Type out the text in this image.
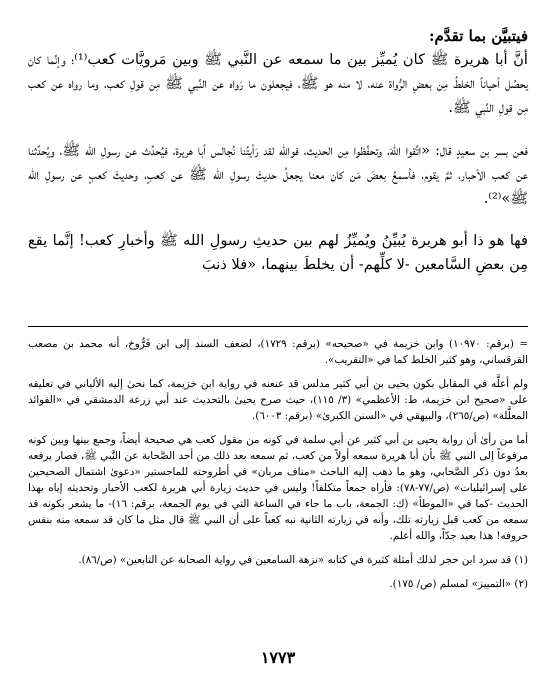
فيتبيَّن بما تقدَّم:

أنَّ أبا هريرة ﷺ كان يُميِّز بين ما سمعه عن النَّبي ﷺ وبين مَرويَّات كعب⁽¹⁾؛ وإنَّما كان يحصُل أحياناً الخلطُ مِن بعضِ الرُّواة عنه، لا منه هو ﷺ، فيجعلون ما رَواه عن النَّبي ﷺ مِن قولِ كعب، وما رواه عن كعب مِن قولِ النَّبي ﷺ.

فعن بسر بن سعيدٍ قال: «اتَّقوا اللهَ، وتحفَّظوا مِن الحديث، فوالله لقد رَأيتُنا نُجالس أبا هريرة، فيُحدِّث عن رسولِ الله ﷺ، ويُحدِّثنا عن كعب الأحبار، ثمَّ يقوم، فأسمعُ بعضَ مَن كان معنا يجعلُ حديثَ رسولِ الله ﷺ عن كعبٍ، وحديثَ كعبٍ عن رسولِ الله ﷺ»⁽²⁾.

فها هو ذا أبو هريرة يُبيِّنُ ويُميِّزُ لهم بين حديثِ رسولِ الله ﷺ وأخبارِ كعب! إنَّما يقع مِن بعضِ السَّامعين -لا كلِّهم- أن يخلطَ بينهما، «فلا ذنبَ

= (برقم: ١٠٩٧٠) وابن خزيمة في «صحيحه» (برقم: ١٧٢٩)، لضعف السند إلى ابن فَرُّوخ، أنه محمد بن مصعب القرقساني، وهو كثير الخلط كما في «التقريب».

ولم أعلَّه في المقابل بكون يحيى بن أبي كثير مدلس قد عنعنه في رواية ابن خزيمة، كما نحىٰ إليه الألباني في تعليقه على «صحيح ابن خزيمة، ط: الأعظمي» (٣/ ١١٥)، حيث صرح يحيىٰ بالتحديث عند أبي زرعة الدمشقي في «الفوائد المعلَّلة» (ص/٢٦٥)، والبيهقي في «السنن الكبرىٰ» (برقم: ٦٠٠٣).

أما من رأىٰ أن رواية يحيى بن أبي كثير عن أبي سلمة في كونه من مقول كعب هي صحيحة أيضاً، وجمع بينها وبين كونه مرفوعاً إلى النبي ﷺ بأن أبا هريرة سمعه أولاً من كعب، ثم سمعه بعد ذلك من أحد الصَّحابة عن النَّبي ﷺ، فصار يرفعه بعدُ دون ذكر الصَّحابي، وهو ما ذهب إليه الباحث «مناف مربان» في أطروحته للماجستير «دعوىٰ اشتمال الصحيحين على إسرائيليات» (ص/٧٧-٧٨): فأراه جمعاً متكلفاً! وليس في حديث زيارة أبي هريرة لكعب الأحبار وتحديثه إياه بهذا الحديث -كما في «الموطأ» (ك: الجمعة، باب ما جاء في الساعة التي في يوم الجمعة، برقم: ١٦)- ما يشعر بكونه قد سمعه من كعب قبل زيارته تلك، وأنه في زيارته الثانية نبه كعباً على أن النبي ﷺ قال مثل ما كان قد سمعه منه بنفس حروفه! هذا بعيد جدّاً، والله أعلم.

(١) قد سرد ابن حجر لذلك أمثلة كثيرة في كتابه «نزهة السامعين في رواية الصحابة عن التابعين» (ص/٨٦).

(٢) «التمييز» لمسلم (ص/ ١٧٥).

١٧٧٣
